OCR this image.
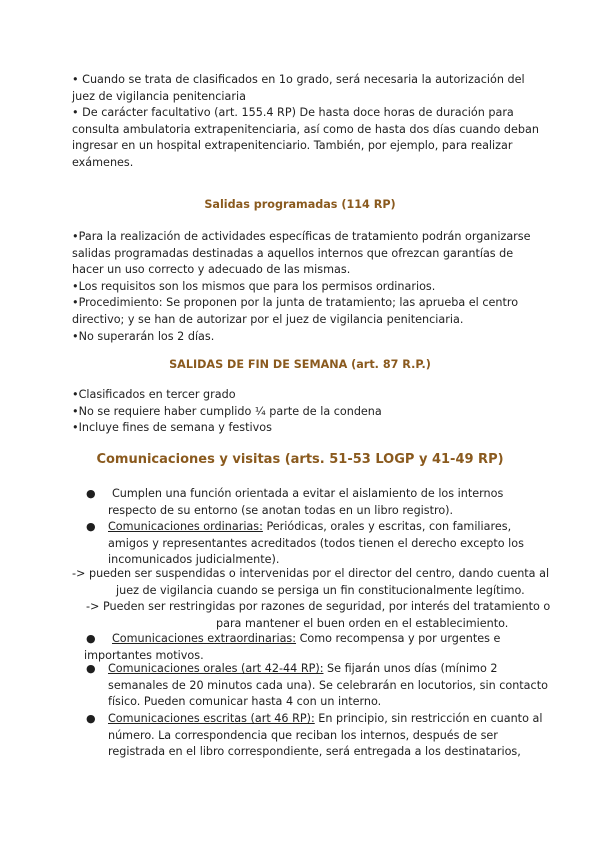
• Cuando se trata de clasificados en 1o grado, será necesaria la autorización del
juez de vigilancia penitenciaria
• De carácter facultativo (art. 155.4 RP) De hasta doce horas de duración para
consulta ambulatoria extrapenitenciaria, así como de hasta dos días cuando deban
ingresar en un hospital extrapenitenciario. También, por ejemplo, para realizar
exámenes.
Salidas programadas (114 RP)
•Para la realización de actividades específicas de tratamiento podrán organizarse
salidas programadas destinadas a aquellos internos que ofrezcan garantías de
hacer un uso correcto y adecuado de las mismas.
•Los requisitos son los mismos que para los permisos ordinarios.
•Procedimiento: Se proponen por la junta de tratamiento; las aprueba el centro
directivo; y se han de autorizar por el juez de vigilancia penitenciaria.
•No superarán los 2 días.
SALIDAS DE FIN DE SEMANA (art. 87 R.P.)
•Clasificados en tercer grado
•No se requiere haber cumplido ¹⁄₄ parte de la condena
•Incluye fines de semana y festivos
Comunicaciones y visitas (arts. 51-53 LOGP y 41-49 RP)
●	Cumplen una función orientada a evitar el aislamiento de los internos
respecto de su entorno (se anotan todas en un libro registro).
● Comunicaciones ordinarias: Periódicas, orales y escritas, con familiares,
amigos y representantes acreditados (todos tienen el derecho excepto los
incomunicados judicialmente).
-> pueden ser suspendidas o intervenidas por el director del centro, dando cuenta al
juez de vigilancia cuando se persiga un fin constitucionalmente legítimo.
-> Pueden ser restringidas por razones de seguridad, por interés del tratamiento o
para mantener el buen orden en el establecimiento.
●	Comunicaciones extraordinarias: Como recompensa y por urgentes e
importantes motivos.
● Comunicaciones orales (art 42-44 RP): Se fijarán unos días (mínimo 2
semanales de 20 minutos cada una). Se celebrarán en locutorios, sin contacto
físico. Pueden comunicar hasta 4 con un interno.
● Comunicaciones escritas (art 46 RP): En principio, sin restricción en cuanto al
número. La correspondencia que reciban los internos, después de ser
registrada en el libro correspondiente, será entregada a los destinatarios,
